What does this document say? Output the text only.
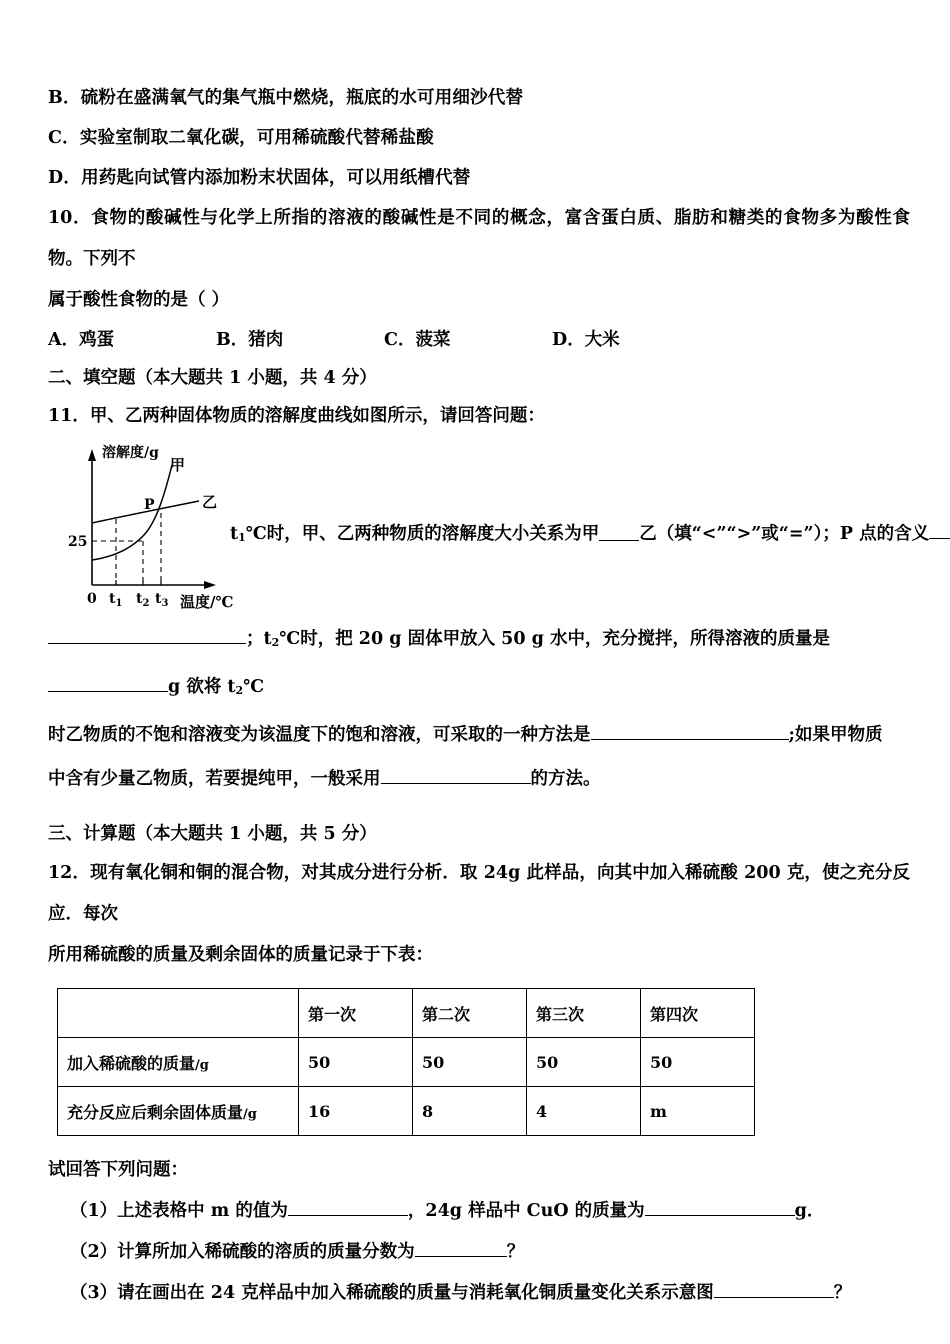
B．硫粉在盛满氧气的集气瓶中燃烧，瓶底的水可用细沙代替
C．实验室制取二氧化碳，可用稀硫酸代替稀盐酸
D．用药匙向试管内添加粉末状固体，可以用纸槽代替
10．食物的酸碱性与化学上所指的溶液的酸碱性是不同的概念，富含蛋白质、脂肪和糖类的食物多为酸性食物。下列不
属于酸性食物的是（ ）
A．鸡蛋	B．猪肉	C．菠菜	D．大米
二、填空题（本大题共 1 小题，共 4 分）
11．甲、乙两种固体物质的溶解度曲线如图所示，请回答问题：
溶解度/g
甲
乙
P
25
0 $t_1$ $t_2$ $t_3$ 温度/℃
$t_1℃$时，甲、乙两种物质的溶解度大小关系为甲 乙（填“<”“>”或“=”）；P 点的含义
；$t_2℃$时，把 20 g 固体甲放入 50 g 水中，充分搅拌，所得溶液的质量是g 欲将 $t_2℃$
时乙物质的不饱和溶液变为该温度下的饱和溶液，可采取的一种方法是	;如果甲物质
中含有少量乙物质，若要提纯甲，一般采用	的方法。
三、计算题（本大题共 1 小题，共 5 分）
12．现有氧化铜和铜的混合物，对其成分进行分析．取 24g 此样品，向其中加入稀硫酸 200 克，使之充分反应．每次
所用稀硫酸的质量及剩余固体的质量记录于下表：
	第一次	第二次	第三次	第四次
加入稀硫酸的质量/g	50	50	50	50
充分反应后剩余固体质量/g	16	8	4	m
试回答下列问题：
（1）上述表格中 m 的值为	，24g 样品中 CuO 的质量为	g．
（2）计算所加入稀硫酸的溶质的质量分数为	？
（3）请在画出在 24 克样品中加入稀硫酸的质量与消耗氧化铜质量变化关系示意图	？
